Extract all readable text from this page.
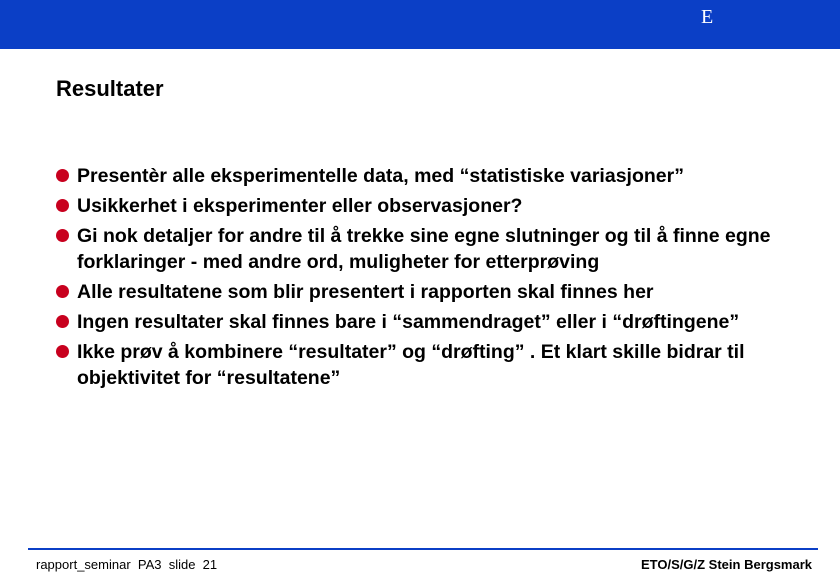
E
Resultater
Presentèr alle eksperimentelle data, med “statistiske variasjoner”
Usikkerhet i eksperimenter eller observasjoner?
Gi nok detaljer for andre til å trekke sine egne slutninger og til å finne egne forklaringer - med andre ord, muligheter for etterprøving
Alle resultatene som blir presentert i rapporten skal finnes her
Ingen resultater skal finnes bare i “sammendraget” eller i “drøftingene”
Ikke prøv å kombinere “resultater” og “drøfting” . Et klart skille bidrar til objektivitet for “resultatene”
rapport_seminar  PA3  slide  21	ETO/S/G/Z Stein Bergsmark
